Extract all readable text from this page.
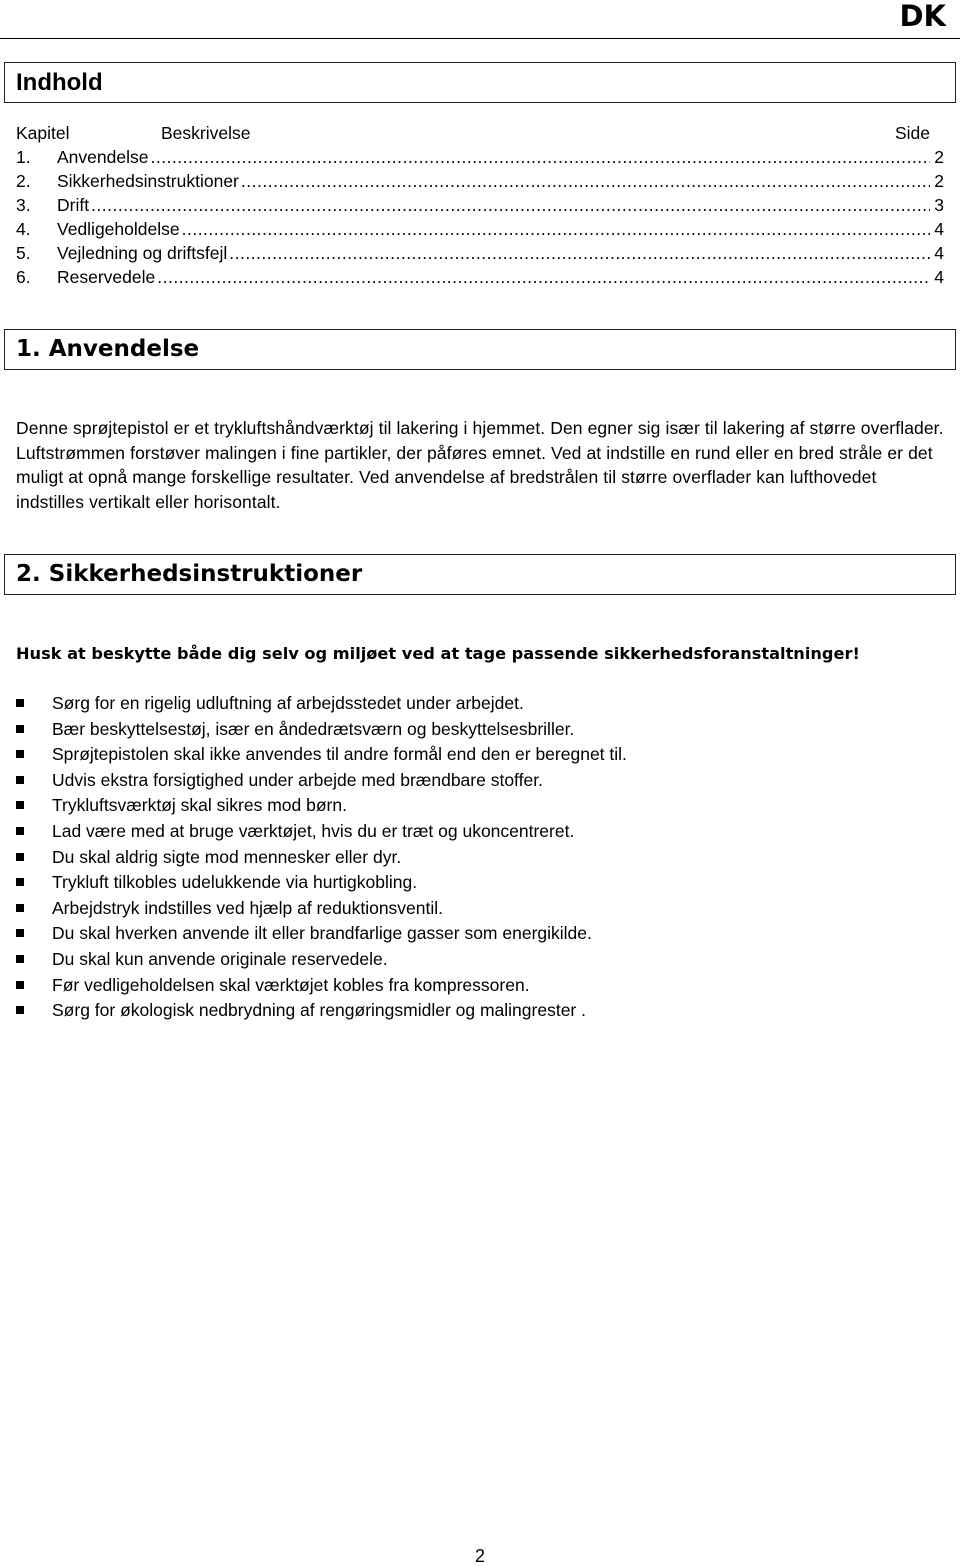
DK
Indhold
Kapitel	Beskrivelse	Side
1.	Anvendelse .....	2
2.	Sikkerhedsinstruktioner .....	2
3.	Drift .....	3
4.	Vedligeholdelse .....	4
5.	Vejledning og driftsfejl .....	4
6.	Reservedele .....	4
1. Anvendelse
Denne sprøjtepistol er et trykluftshåndværktøj til lakering i hjemmet. Den egner sig især til lakering af større overflader. Luftstrømmen forstøver malingen i fine partikler, der påføres emnet. Ved at indstille en rund eller en bred stråle er det muligt at opnå mange forskellige resultater. Ved anvendelse af bredstrålen til større overflader kan lufthovedet indstilles vertikalt eller horisontalt.
2. Sikkerhedsinstruktioner
Husk at beskytte både dig selv og miljøet ved at tage passende sikkerhedsforanstaltninger!
Sørg for en rigelig udluftning af arbejdsstedet under arbejdet.
Bær beskyttelsestøj, især en åndedrætsværn og beskyttelsesbriller.
Sprøjtepistolen skal ikke anvendes til andre formål end den er beregnet til.
Udvis ekstra forsigtighed under arbejde med brændbare stoffer.
Trykluftsværktøj skal sikres mod børn.
Lad være med at bruge værktøjet, hvis du er træt og ukoncentreret.
Du skal aldrig sigte mod mennesker eller dyr.
Trykluft tilkobles udelukkende via hurtigkobling.
Arbejdstryk indstilles ved hjælp af reduktionsventil.
Du skal hverken anvende ilt eller brandfarlige gasser som energikilde.
Du skal kun anvende originale reservedele.
Før vedligeholdelsen skal værktøjet kobles fra kompressoren.
Sørg for økologisk nedbrydning af rengøringsmidler og malingrester .
2
